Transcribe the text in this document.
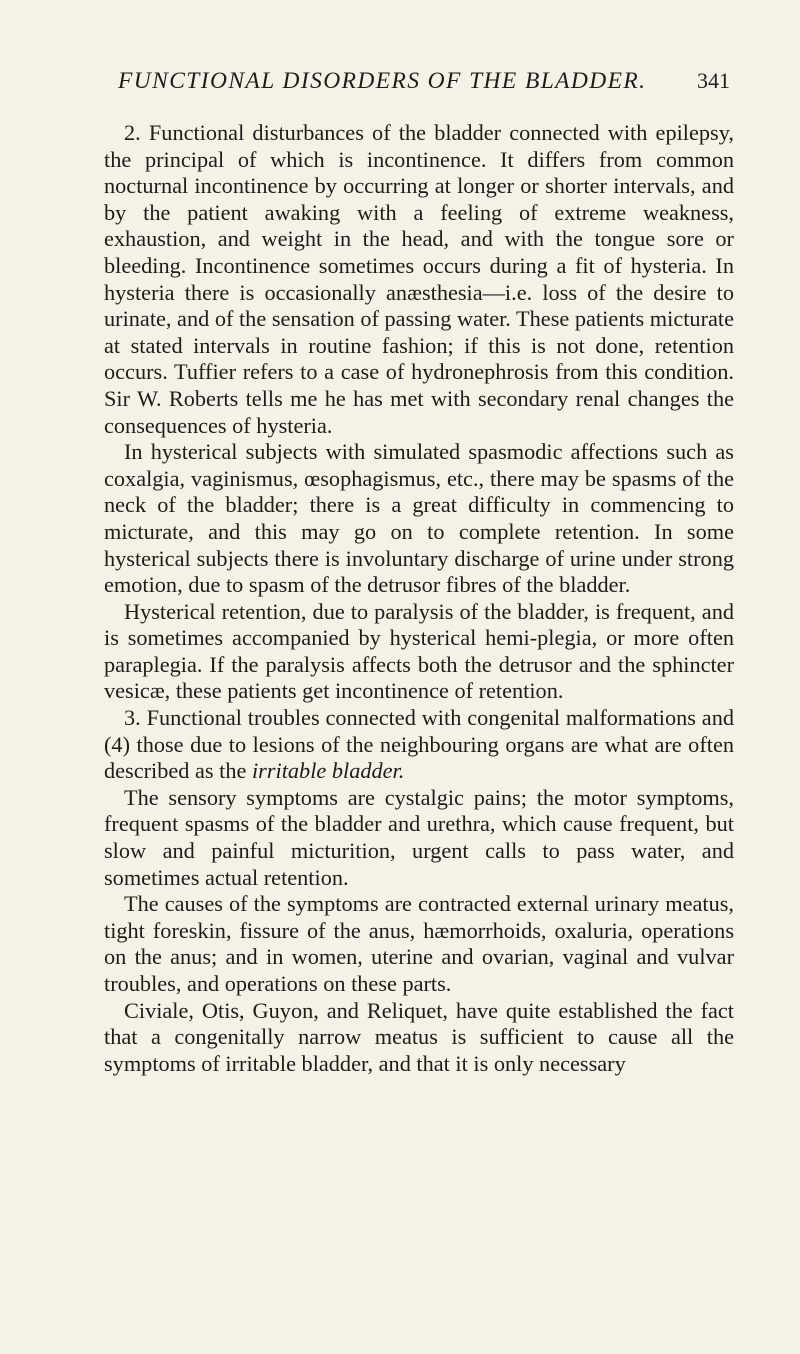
FUNCTIONAL DISORDERS OF THE BLADDER. 341

2. Functional disturbances of the bladder connected with epilepsy, the principal of which is incontinence. It differs from common nocturnal incontinence by occurring at longer or shorter intervals, and by the patient awaking with a feeling of extreme weakness, exhaustion, and weight in the head, and with the tongue sore or bleeding. Incontinence sometimes occurs during a fit of hysteria. In hysteria there is occasionally anæsthesia—i.e. loss of the desire to urinate, and of the sensation of passing water. These patients micturate at stated intervals in routine fashion; if this is not done, retention occurs. Tuffier refers to a case of hydronephrosis from this condition. Sir W. Roberts tells me he has met with secondary renal changes the consequences of hysteria.

In hysterical subjects with simulated spasmodic affections such as coxalgia, vaginismus, œsophagismus, etc., there may be spasms of the neck of the bladder; there is a great difficulty in commencing to micturate, and this may go on to complete retention. In some hysterical subjects there is involuntary discharge of urine under strong emotion, due to spasm of the detrusor fibres of the bladder.

Hysterical retention, due to paralysis of the bladder, is frequent, and is sometimes accompanied by hysterical hemi-plegia, or more often paraplegia. If the paralysis affects both the detrusor and the sphincter vesicæ, these patients get incontinence of retention.

3. Functional troubles connected with congenital malformations and (4) those due to lesions of the neighbouring organs are what are often described as the irritable bladder.

The sensory symptoms are cystalgic pains; the motor symptoms, frequent spasms of the bladder and urethra, which cause frequent, but slow and painful micturition, urgent calls to pass water, and sometimes actual retention.

The causes of the symptoms are contracted external urinary meatus, tight foreskin, fissure of the anus, hæmorrhoids, oxaluria, operations on the anus; and in women, uterine and ovarian, vaginal and vulvar troubles, and operations on these parts.

Civiale, Otis, Guyon, and Reliquet, have quite established the fact that a congenitally narrow meatus is sufficient to cause all the symptoms of irritable bladder, and that it is only necessary
